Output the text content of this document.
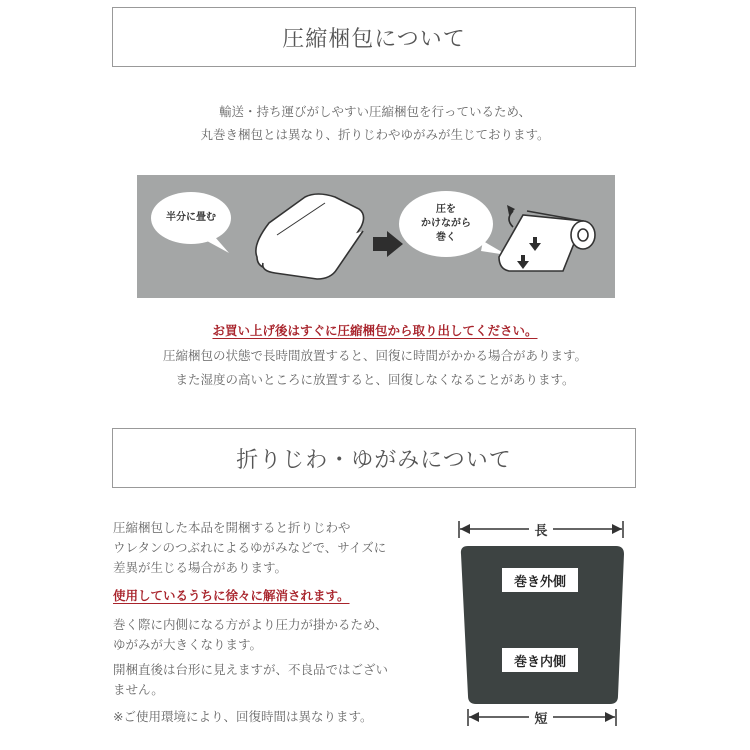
圧縮梱包について
輸送・持ち運びがしやすい圧縮梱包を行っているため、
丸巻き梱包とは異なり、折りじわやゆがみが生じております。
半分に畳む
圧を
かけながら
巻く
お買い上げ後はすぐに圧縮梱包から取り出してください。
圧縮梱包の状態で長時間放置すると、回復に時間がかかる場合があります。
また湿度の高いところに放置すると、回復しなくなることがあります。
折りじわ・ゆがみについて
圧縮梱包した本品を開梱すると折りじわや
ウレタンのつぶれによるゆがみなどで、サイズに
差異が生じる場合があります。
使用しているうちに徐々に解消されます。
巻く際に内側になる方がより圧力が掛かるため、
ゆがみが大きくなります。
開梱直後は台形に見えますが、不良品ではござい
ません。
※ご使用環境により、回復時間は異なります。
長
短
巻き外側
巻き内側
